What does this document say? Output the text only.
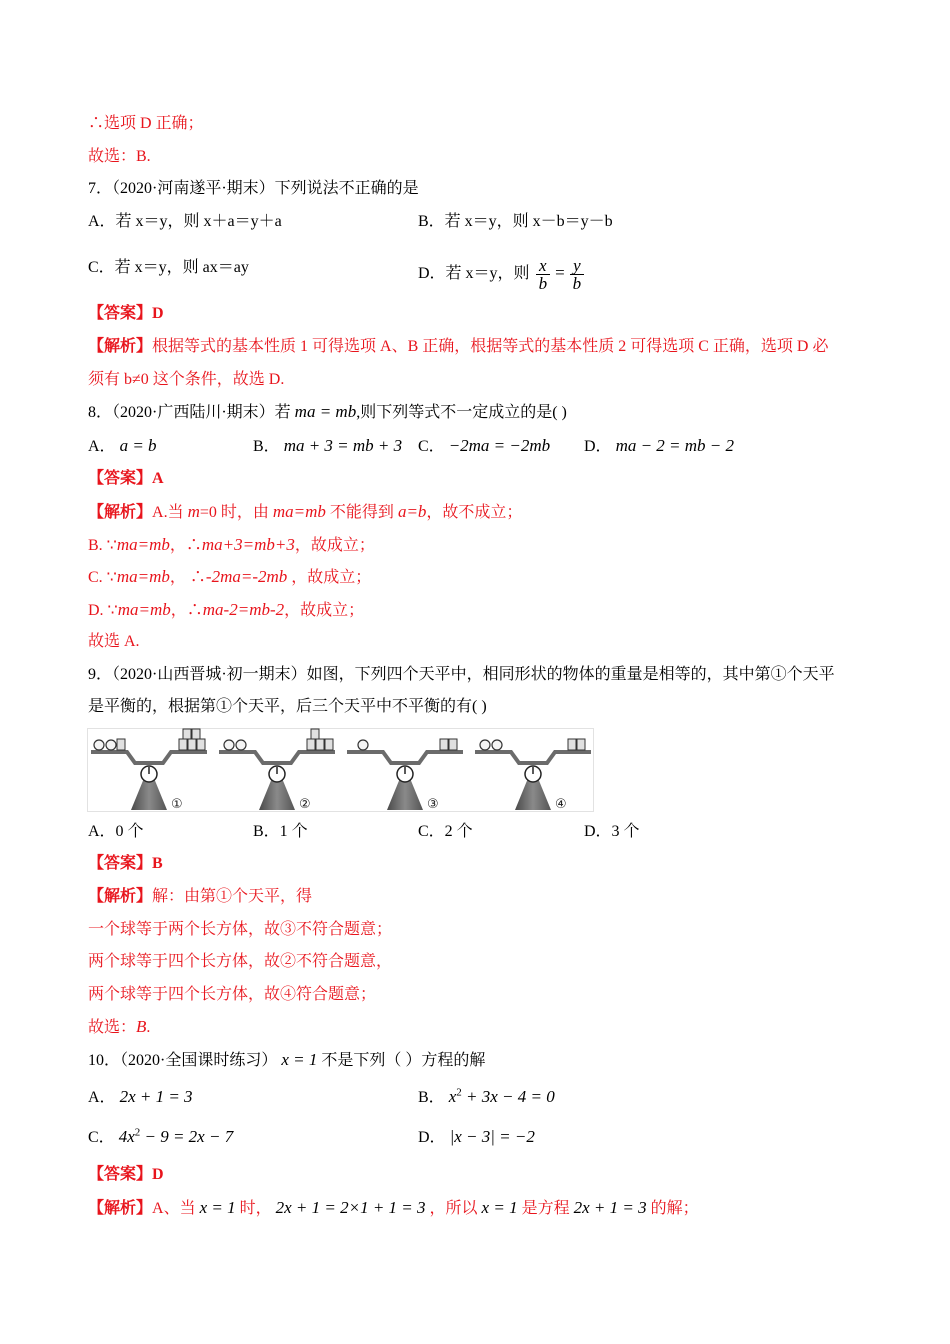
∴选项 D 正确；
故选：B.
7．（2020·河南遂平·期末）下列说法不正确的是
A．若 x＝y，则 x＋a＝y＋a	B．若 x＝y，则 x－b＝y－b
C．若 x＝y，则 ax＝ay	D．若 x＝y，则 $\frac{x}{b} = \frac{y}{b}$
【答案】D
【解析】根据等式的基本性质 1 可得选项 A、B 正确，根据等式的基本性质 2 可得选项 C 正确，选项 D 必
须有 b≠0 这个条件，故选 D.
8．（2020·广西陆川·期末）若 ma = mb,则下列等式不一定成立的是( )
A． a = b	B． ma + 3 = mb + 3 C． −2ma = −2mb D． ma − 2 = mb − 2
【答案】A
【解析】A.当 m=0 时，由 ma=mb 不能得到 a=b，故不成立；
B. ∵ma=mb，∴ma+3=mb+3，故成立；
C. ∵ma=mb， ∴-2ma=-2mb ，故成立；
D. ∵ma=mb，∴ma-2=mb-2，故成立；
故选 A.
9．（2020·山西晋城·初一期末）如图，下列四个天平中，相同形状的物体的重量是相等的，其中第①个天平
是平衡的，根据第①个天平，后三个天平中不平衡的有( )
①	②	③	④
A．0 个	B．1 个	C．2 个	D．3 个
【答案】B
【解析】解：由第①个天平，得
一个球等于两个长方体，故③不符合题意；
两个球等于四个长方体，故②不符合题意，
两个球等于四个长方体，故④符合题意；
故选：B.
10．（2020·全国课时练习） x = 1 不是下列（ ）方程的解
A． 2x + 1 = 3	B． $x^2 + 3x - 4 = 0$
C． $4x^2 - 9 = 2x - 7$	D． |x − 3| = −2
【答案】D
【解析】A、当 x = 1 时， 2x + 1 = 2×1 + 1 = 3 ，所以 x = 1 是方程 2x + 1 = 3 的解；
